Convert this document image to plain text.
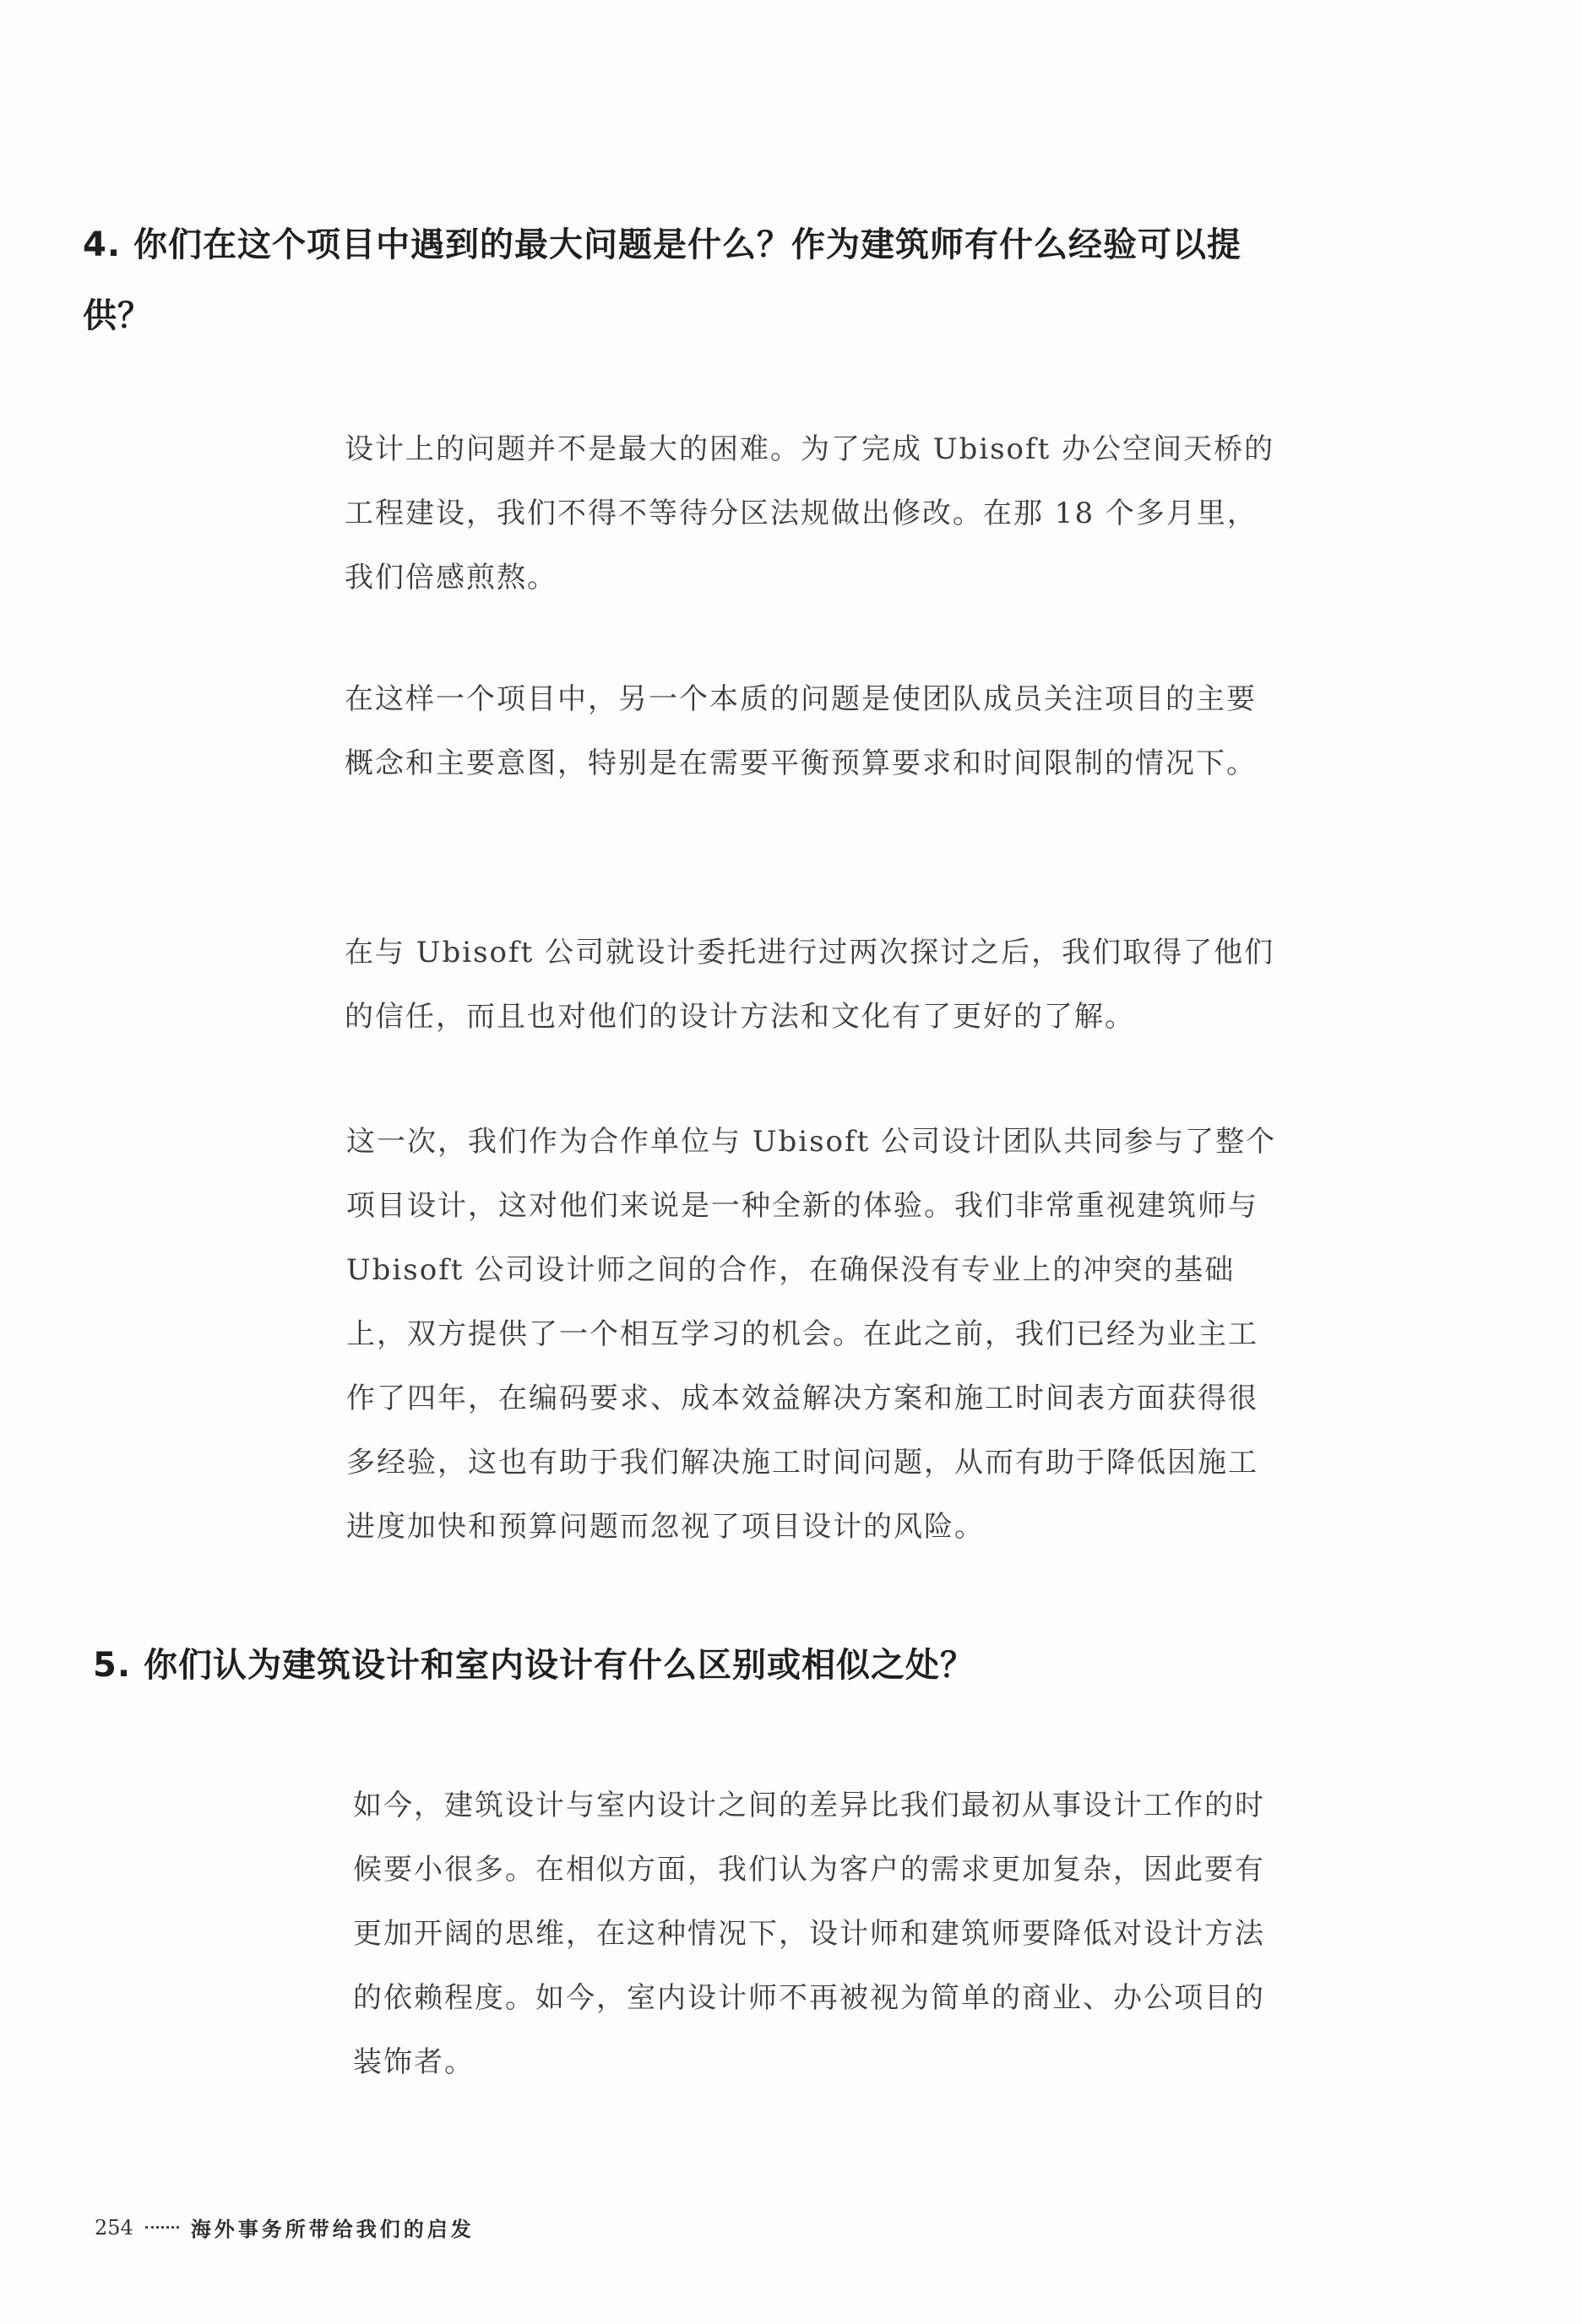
4. 你们在这个项目中遇到的最大问题是什么？作为建筑师有什么经验可以提供？

设计上的问题并不是最大的困难。为了完成 Ubisoft 办公空间天桥的工程建设，我们不得不等待分区法规做出修改。在那 18 个多月里，我们倍感煎熬。

在这样一个项目中，另一个本质的问题是使团队成员关注项目的主要概念和主要意图，特别是在需要平衡预算要求和时间限制的情况下。

在与 Ubisoft 公司就设计委托进行过两次探讨之后，我们取得了他们的信任，而且也对他们的设计方法和文化有了更好的了解。

这一次，我们作为合作单位与 Ubisoft 公司设计团队共同参与了整个项目设计，这对他们来说是一种全新的体验。我们非常重视建筑师与 Ubisoft 公司设计师之间的合作，在确保没有专业上的冲突的基础上，双方提供了一个相互学习的机会。在此之前，我们已经为业主工作了四年，在编码要求、成本效益解决方案和施工时间表方面获得很多经验，这也有助于我们解决施工时间问题，从而有助于降低因施工进度加快和预算问题而忽视了项目设计的风险。

5. 你们认为建筑设计和室内设计有什么区别或相似之处？

如今，建筑设计与室内设计之间的差异比我们最初从事设计工作的时候要小很多。在相似方面，我们认为客户的需求更加复杂，因此要有更加开阔的思维，在这种情况下，设计师和建筑师要降低对设计方法的依赖程度。如今，室内设计师不再被视为简单的商业、办公项目的装饰者。

254	海外事务所带给我们的启发
